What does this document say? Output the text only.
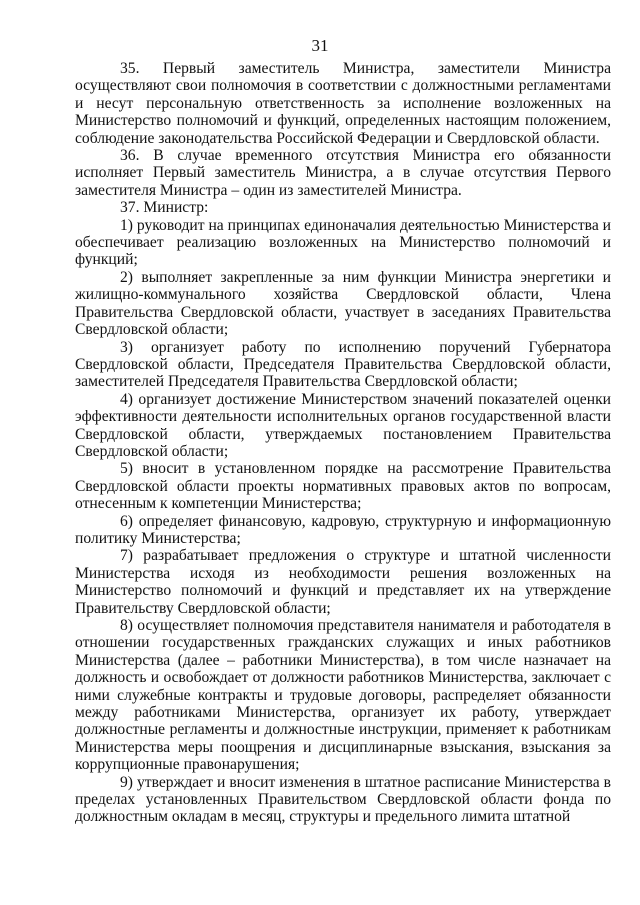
31

35. Первый заместитель Министра, заместители Министра осуществляют свои полномочия в соответствии с должностными регламентами и несут персональную ответственность за исполнение возложенных на Министерство полномочий и функций, определенных настоящим положением, соблюдение законодательства Российской Федерации и Свердловской области.

36. В случае временного отсутствия Министра его обязанности исполняет Первый заместитель Министра, а в случае отсутствия Первого заместителя Министра – один из заместителей Министра.

37. Министр:

1) руководит на принципах единоначалия деятельностью Министерства и обеспечивает реализацию возложенных на Министерство полномочий и функций;

2) выполняет закрепленные за ним функции Министра энергетики и жилищно-коммунального хозяйства Свердловской области, Члена Правительства Свердловской области, участвует в заседаниях Правительства Свердловской области;

3) организует работу по исполнению поручений Губернатора Свердловской области, Председателя Правительства Свердловской области, заместителей Председателя Правительства Свердловской области;

4) организует достижение Министерством значений показателей оценки эффективности деятельности исполнительных органов государственной власти Свердловской области, утверждаемых постановлением Правительства Свердловской области;

5) вносит в установленном порядке на рассмотрение Правительства Свердловской области проекты нормативных правовых актов по вопросам, отнесенным к компетенции Министерства;

6) определяет финансовую, кадровую, структурную и информационную политику Министерства;

7) разрабатывает предложения о структуре и штатной численности Министерства исходя из необходимости решения возложенных на Министерство полномочий и функций и представляет их на утверждение Правительству Свердловской области;

8) осуществляет полномочия представителя нанимателя и работодателя в отношении государственных гражданских служащих и иных работников Министерства (далее – работники Министерства), в том числе назначает на должность и освобождает от должности работников Министерства, заключает с ними служебные контракты и трудовые договоры, распределяет обязанности между работниками Министерства, организует их работу, утверждает должностные регламенты и должностные инструкции, применяет к работникам Министерства меры поощрения и дисциплинарные взыскания, взыскания за коррупционные правонарушения;

9) утверждает и вносит изменения в штатное расписание Министерства в пределах установленных Правительством Свердловской области фонда по должностным окладам в месяц, структуры и предельного лимита штатной
